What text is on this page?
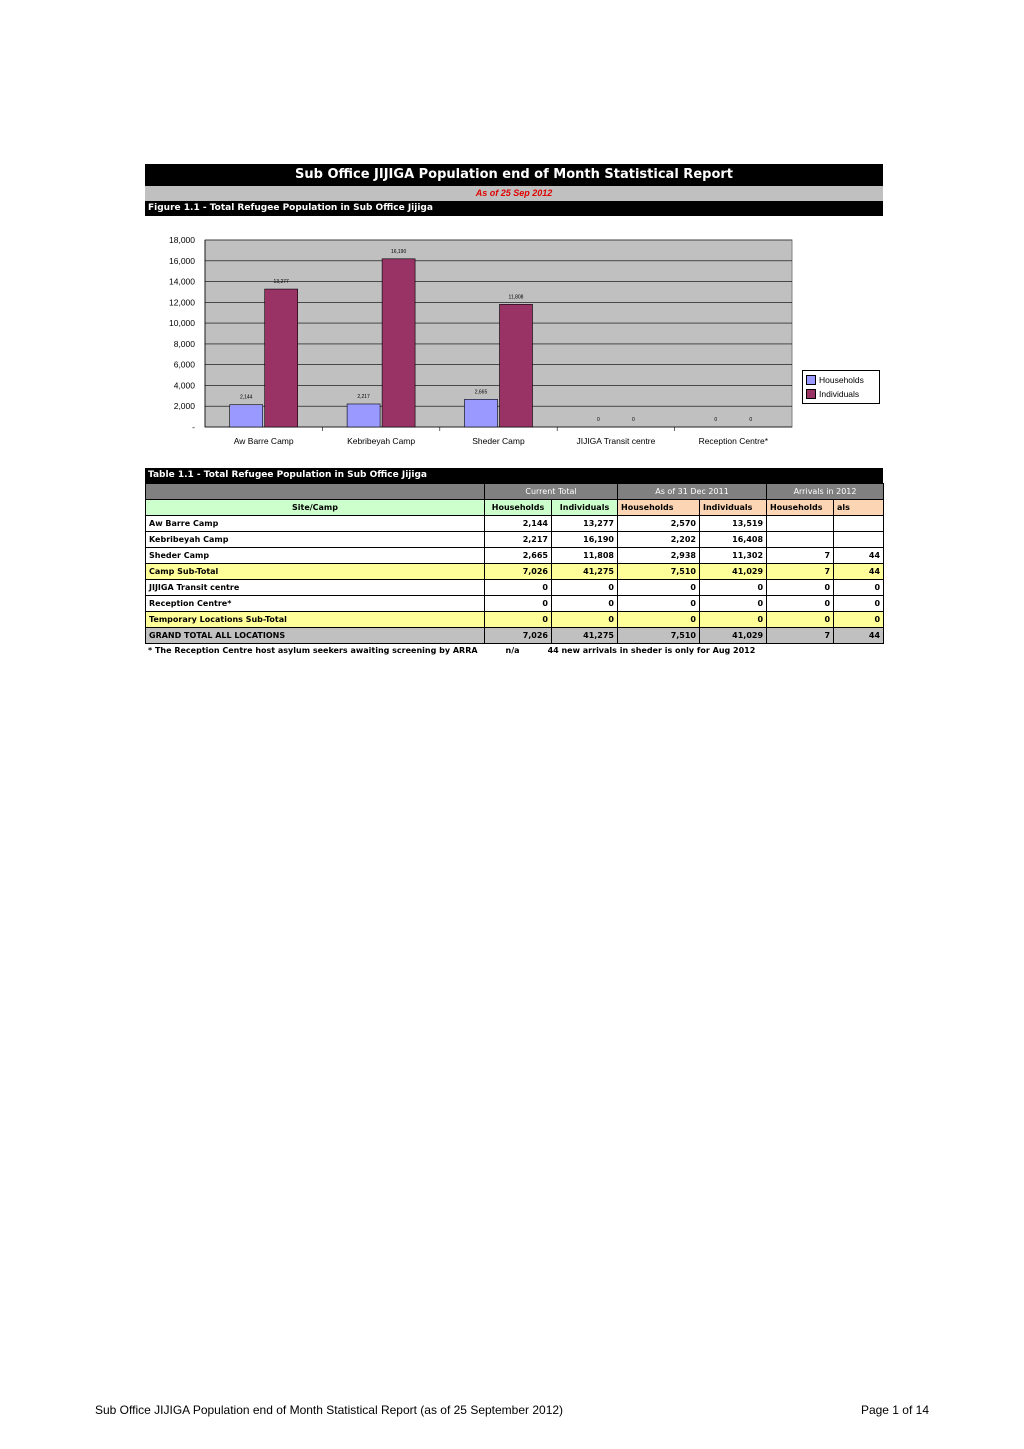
Sub Office JIJIGA Population end of Month Statistical Report
As of 25 Sep 2012
Figure 1.1 - Total Refugee Population in Sub Office Jijiga
-
2,000
4,000
6,000
8,000
10,000
12,000
14,000
16,000
18,000
2,144
13,277
Aw Barre Camp
2,217
16,190
Kebribeyah Camp
2,665
11,808
Sheder Camp
0	0
JIJIGA Transit centre
0	0
Reception Centre*
Households
Individuals
Table 1.1 - Total Refugee Population in Sub Office Jijiga
	Current Total		As of 31 Dec 2011		Arrivals in 2012	
Site/Camp	Households	Individuals	Households	Individuals	Households	als
Aw Barre Camp	2,144	13,277	2,570	13,519		
Kebribeyah Camp	2,217	16,190	2,202	16,408		
Sheder Camp	2,665	11,808	2,938	11,302	7	44
Camp Sub-Total	7,026	41,275	7,510	41,029	7	44
JIJIGA Transit centre	0	0	0	0	0	0
Reception Centre*	0	0	0	0	0	0
Temporary Locations Sub-Total	0	0	0	0	0	0
GRAND TOTAL ALL LOCATIONS	7,026	41,275	7,510	41,029	7	44
* The Reception Centre host asylum seekers awaiting screening by ARRA	n/a	44 new arrivals in sheder is only for Aug 2012
Sub Office JIJIGA Population end of Month Statistical Report (as of 25 September 2012)	Page 1 of 14
